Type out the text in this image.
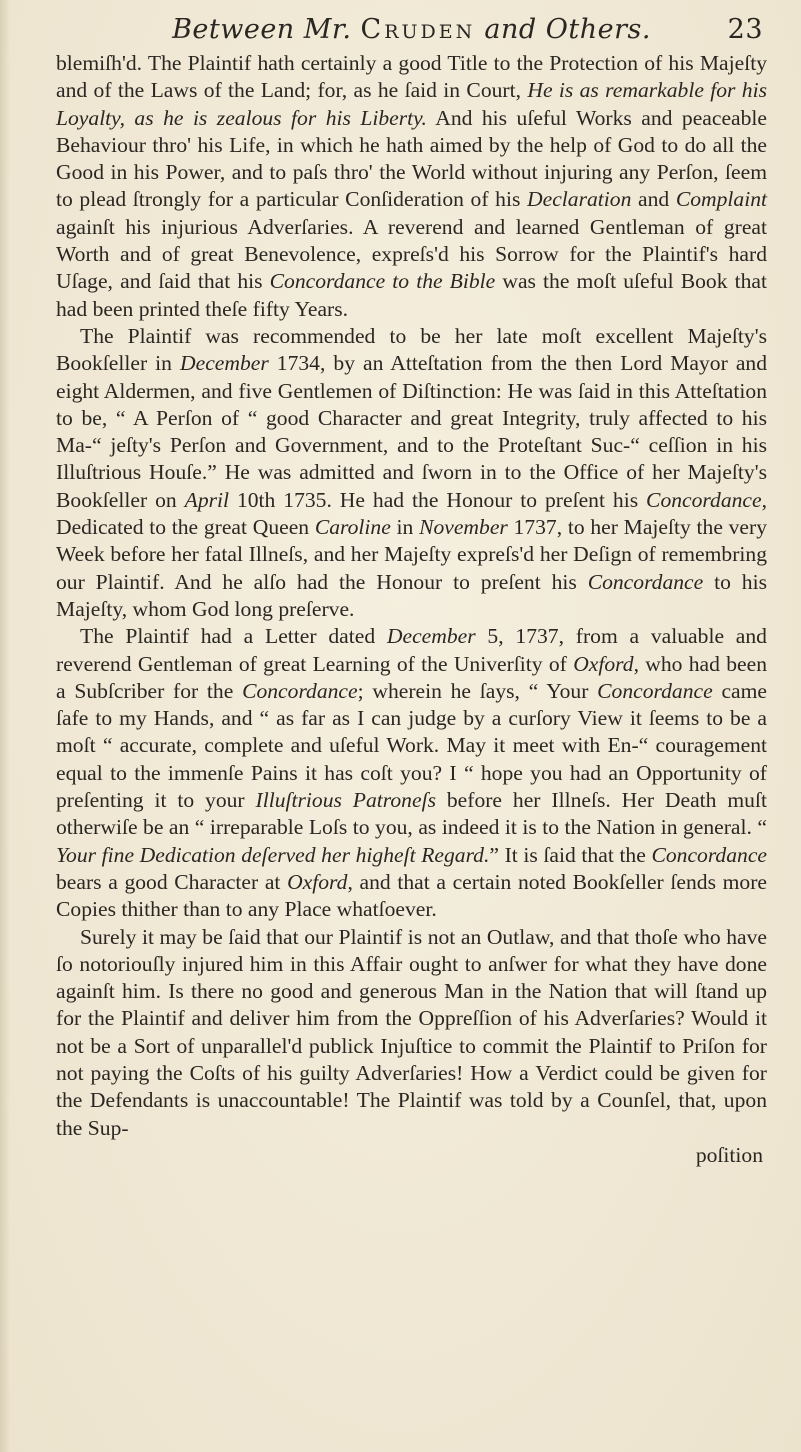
Between Mr. Cruden and Others.	23

blemiſh'd. The Plaintif hath certainly a good Title to the Protection of his Majeſty and of the Laws of the Land; for, as he ſaid in Court, He is as remarkable for his Loyalty, as he is zealous for his Liberty. And his uſeful Works and peaceable Behaviour thro' his Life, in which he hath aimed by the help of God to do all the Good in his Power, and to paſs thro' the World without injuring any Perſon, ſeem to plead ſtrongly for a particular Conſideration of his Declaration and Complaint againſt his injurious Adverſaries. A reverend and learned Gentleman of great Worth and of great Benevolence, expreſs'd his Sorrow for the Plaintif's hard Uſage, and ſaid that his Concordance to the Bible was the moſt uſeful Book that had been printed theſe fifty Years.

The Plaintif was recommended to be her late moſt excellent Majeſty's Bookſeller in December 1734, by an Atteſtation from the then Lord Mayor and eight Aldermen, and five Gentlemen of Diſtinction: He was ſaid in this Atteſtation to be, “ A Perſon of “ good Character and great Integrity, truly affected to his Ma-“ jeſty's Perſon and Government, and to the Proteſtant Suc-“ ceſſion in his Illuſtrious Houſe.” He was admitted and ſworn in to the Office of her Majeſty's Bookſeller on April 10th 1735. He had the Honour to preſent his Concordance, Dedicated to the great Queen Caroline in November 1737, to her Majeſty the very Week before her fatal Illneſs, and her Majeſty expreſs'd her Deſign of remembring our Plaintif. And he alſo had the Honour to preſent his Concordance to his Majeſty, whom God long preſerve.

The Plaintif had a Letter dated December 5, 1737, from a valuable and reverend Gentleman of great Learning of the Univerſity of Oxford, who had been a Subſcriber for the Concordance; wherein he ſays, “ Your Concordance came ſafe to my Hands, and “ as far as I can judge by a curſory View it ſeems to be a moſt “ accurate, complete and uſeful Work. May it meet with En-“ couragement equal to the immenſe Pains it has coſt you? I “ hope you had an Opportunity of preſenting it to your Illuſtrious Patroneſs before her Illneſs. Her Death muſt otherwiſe be an “ irreparable Loſs to you, as indeed it is to the Nation in general. “ Your fine Dedication deſerved her higheſt Regard.” It is ſaid that the Concordance bears a good Character at Oxford, and that a certain noted Bookſeller ſends more Copies thither than to any Place whatſoever.

Surely it may be ſaid that our Plaintif is not an Outlaw, and that thoſe who have ſo notoriouſly injured him in this Affair ought to anſwer for what they have done againſt him. Is there no good and generous Man in the Nation that will ſtand up for the Plaintif and deliver him from the Oppreſſion of his Adverſaries? Would it not be a Sort of unparallel'd publick Injuſtice to commit the Plaintif to Priſon for not paying the Coſts of his guilty Adverſaries! How a Verdict could be given for the Defendants is unaccountable! The Plaintif was told by a Counſel, that, upon the Sup-

poſition
